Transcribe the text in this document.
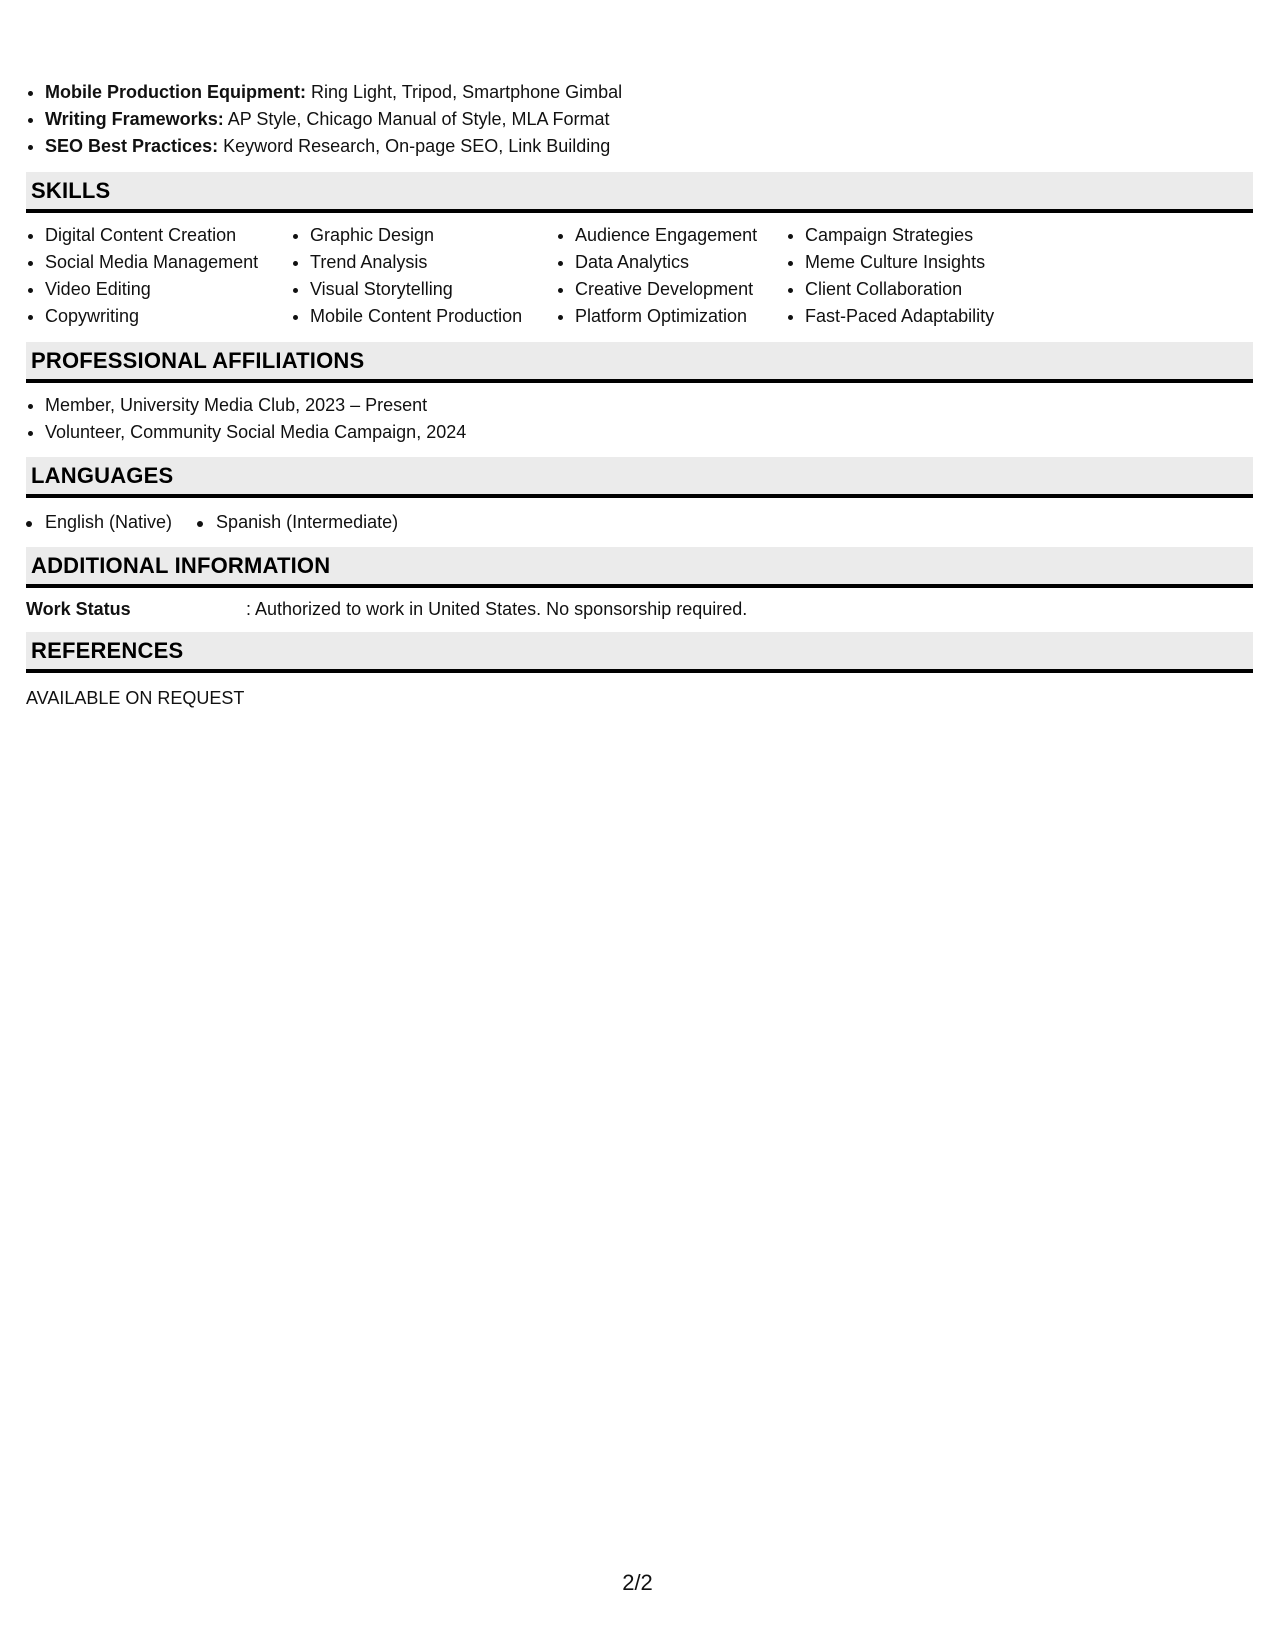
• Mobile Production Equipment: Ring Light, Tripod, Smartphone Gimbal
• Writing Frameworks: AP Style, Chicago Manual of Style, MLA Format
• SEO Best Practices: Keyword Research, On-page SEO, Link Building
SKILLS
• Digital Content Creation
• Social Media Management
• Video Editing
• Copywriting
• Graphic Design
• Trend Analysis
• Visual Storytelling
• Mobile Content Production
• Audience Engagement
• Data Analytics
• Creative Development
• Platform Optimization
• Campaign Strategies
• Meme Culture Insights
• Client Collaboration
• Fast-Paced Adaptability
PROFESSIONAL AFFILIATIONS
• Member, University Media Club, 2023 – Present
• Volunteer, Community Social Media Campaign, 2024
LANGUAGES
English (Native)	Spanish (Intermediate)
ADDITIONAL INFORMATION
Work Status	: Authorized to work in United States. No sponsorship required.
REFERENCES
AVAILABLE ON REQUEST
2/2
